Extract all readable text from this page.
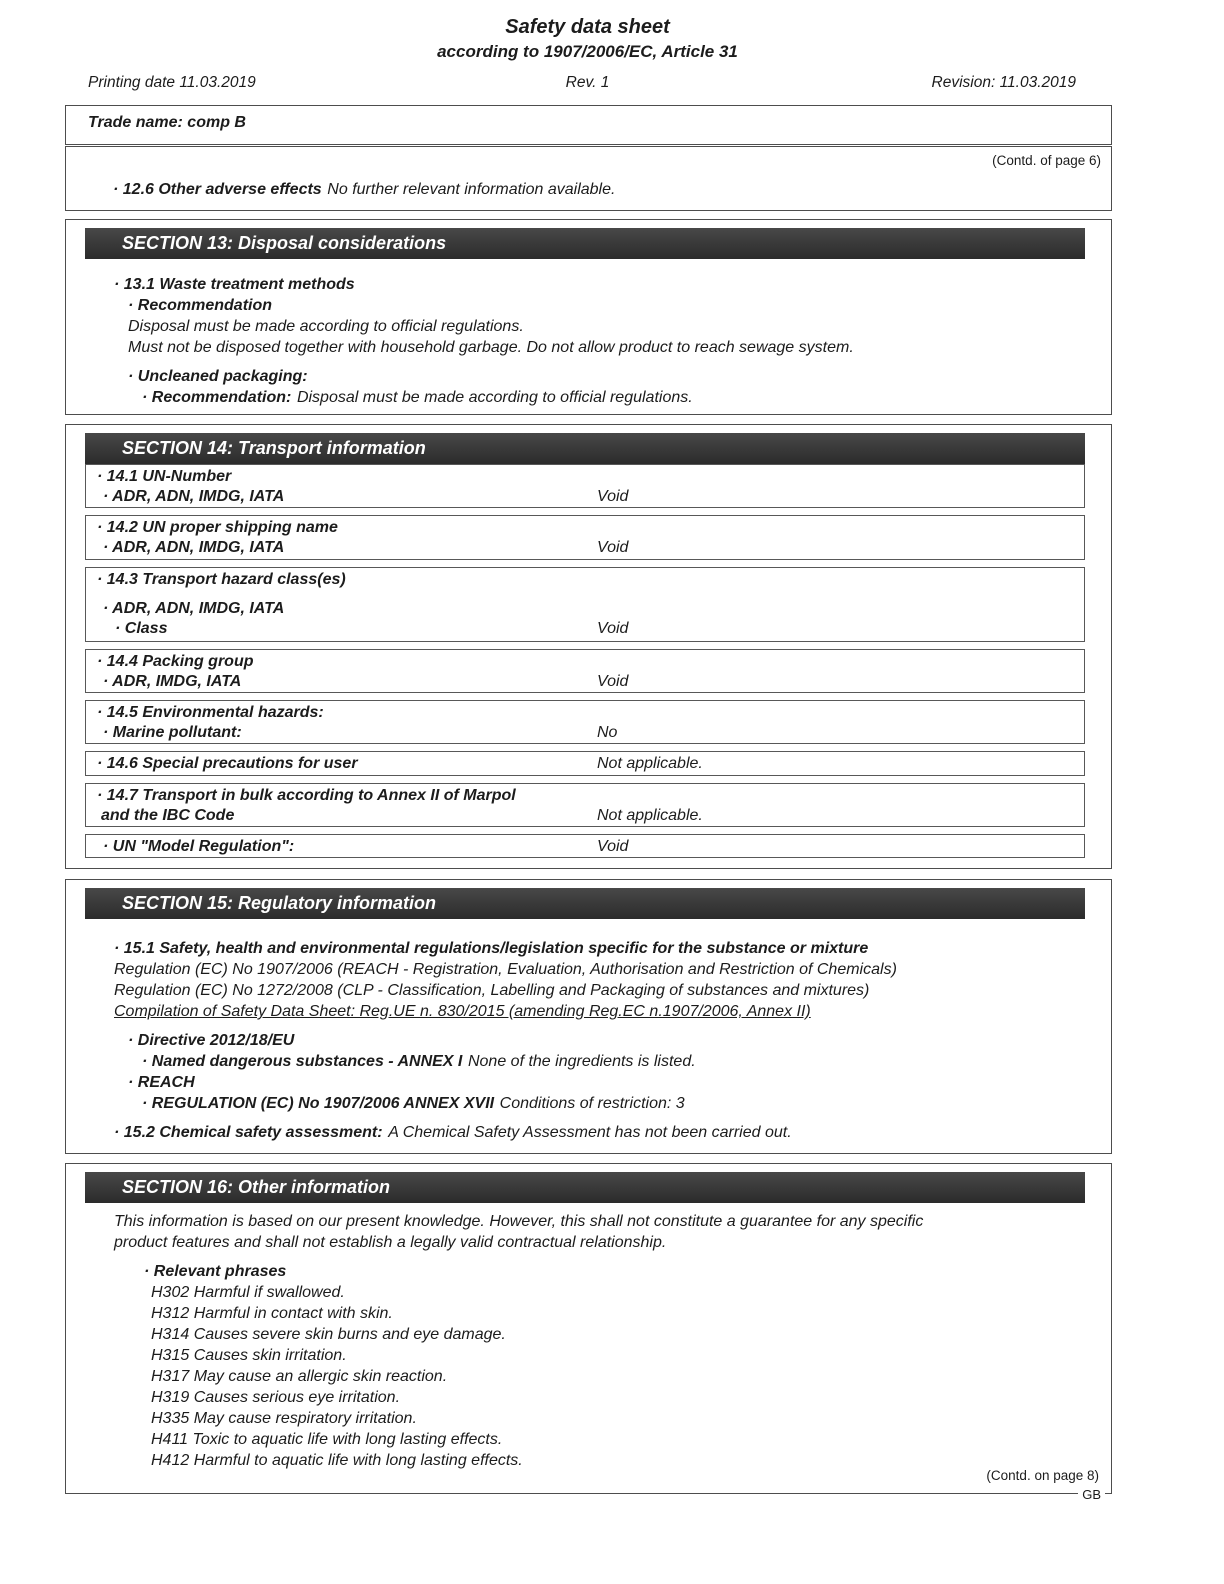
Safety data sheet
according to 1907/2006/EC, Article 31
Printing date 11.03.2019	Rev. 1	Revision: 11.03.2019
Trade name: comp B
(Contd. of page 6)
· 12.6 Other adverse effects No further relevant information available.
SECTION 13: Disposal considerations
· 13.1 Waste treatment methods
· Recommendation
Disposal must be made according to official regulations.
Must not be disposed together with household garbage. Do not allow product to reach sewage system.
· Uncleaned packaging:
· Recommendation: Disposal must be made according to official regulations.
SECTION 14: Transport information
· 14.1 UN-Number
· ADR, ADN, IMDG, IATA	Void
· 14.2 UN proper shipping name
· ADR, ADN, IMDG, IATA	Void
· 14.3 Transport hazard class(es)
· ADR, ADN, IMDG, IATA
· Class	Void
· 14.4 Packing group
· ADR, IMDG, IATA	Void
· 14.5 Environmental hazards:
· Marine pollutant:	No
· 14.6 Special precautions for user	Not applicable.
· 14.7 Transport in bulk according to Annex II of Marpol
and the IBC Code	Not applicable.
· UN "Model Regulation":	Void
SECTION 15: Regulatory information
· 15.1 Safety, health and environmental regulations/legislation specific for the substance or mixture
Regulation (EC) No 1907/2006 (REACH - Registration, Evaluation, Authorisation and Restriction of Chemicals)
Regulation (EC) No 1272/2008 (CLP - Classification, Labelling and Packaging of substances and mixtures)
Compilation of Safety Data Sheet: Reg.UE n. 830/2015 (amending Reg.EC n.1907/2006, Annex II)
· Directive 2012/18/EU
· Named dangerous substances - ANNEX I None of the ingredients is listed.
· REACH
· REGULATION (EC) No 1907/2006 ANNEX XVII Conditions of restriction: 3
· 15.2 Chemical safety assessment: A Chemical Safety Assessment has not been carried out.
SECTION 16: Other information
This information is based on our present knowledge. However, this shall not constitute a guarantee for any specific
product features and shall not establish a legally valid contractual relationship.
· Relevant phrases
H302 Harmful if swallowed.
H312 Harmful in contact with skin.
H314 Causes severe skin burns and eye damage.
H315 Causes skin irritation.
H317 May cause an allergic skin reaction.
H319 Causes serious eye irritation.
H335 May cause respiratory irritation.
H411 Toxic to aquatic life with long lasting effects.
H412 Harmful to aquatic life with long lasting effects.
(Contd. on page 8)
GB
